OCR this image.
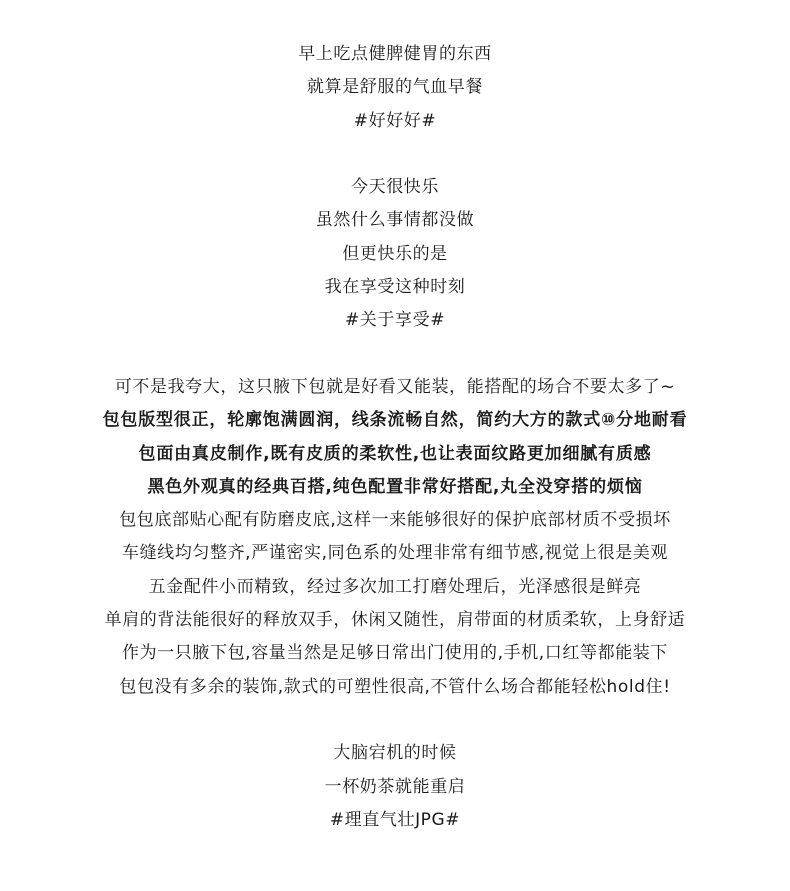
早上吃点健脾健胃的东西
就算是舒服的气血早餐
#好好好#
今天很快乐
虽然什么事情都没做
但更快乐的是
我在享受这种时刻
#关于享受#
可不是我夸大，这只腋下包就是好看又能装，能搭配的场合不要太多了~
包包版型很正，轮廓饱满圆润，线条流畅自然，简约大方的款式⑩分地耐看
包面由真皮制作,既有皮质的柔软性,也让表面纹路更加细腻有质感
黑色外观真的经典百搭,纯色配置非常好搭配,丸全没穿搭的烦恼
包包底部贴心配有防磨皮底,这样一来能够很好的保护底部材质不受损坏
车缝线均匀整齐,严谨密实,同色系的处理非常有细节感,视觉上很是美观
五金配件小而精致，经过多次加工打磨处理后，光泽感很是鲜亮
单肩的背法能很好的释放双手，休闲又随性，肩带面的材质柔软，上身舒适
作为一只腋下包,容量当然是足够日常出门使用的,手机,口红等都能装下
包包没有多余的装饰,款式的可塑性很高,不管什么场合都能轻松hold住!
大脑宕机的时候
一杯奶茶就能重启
#理直气壮JPG#
